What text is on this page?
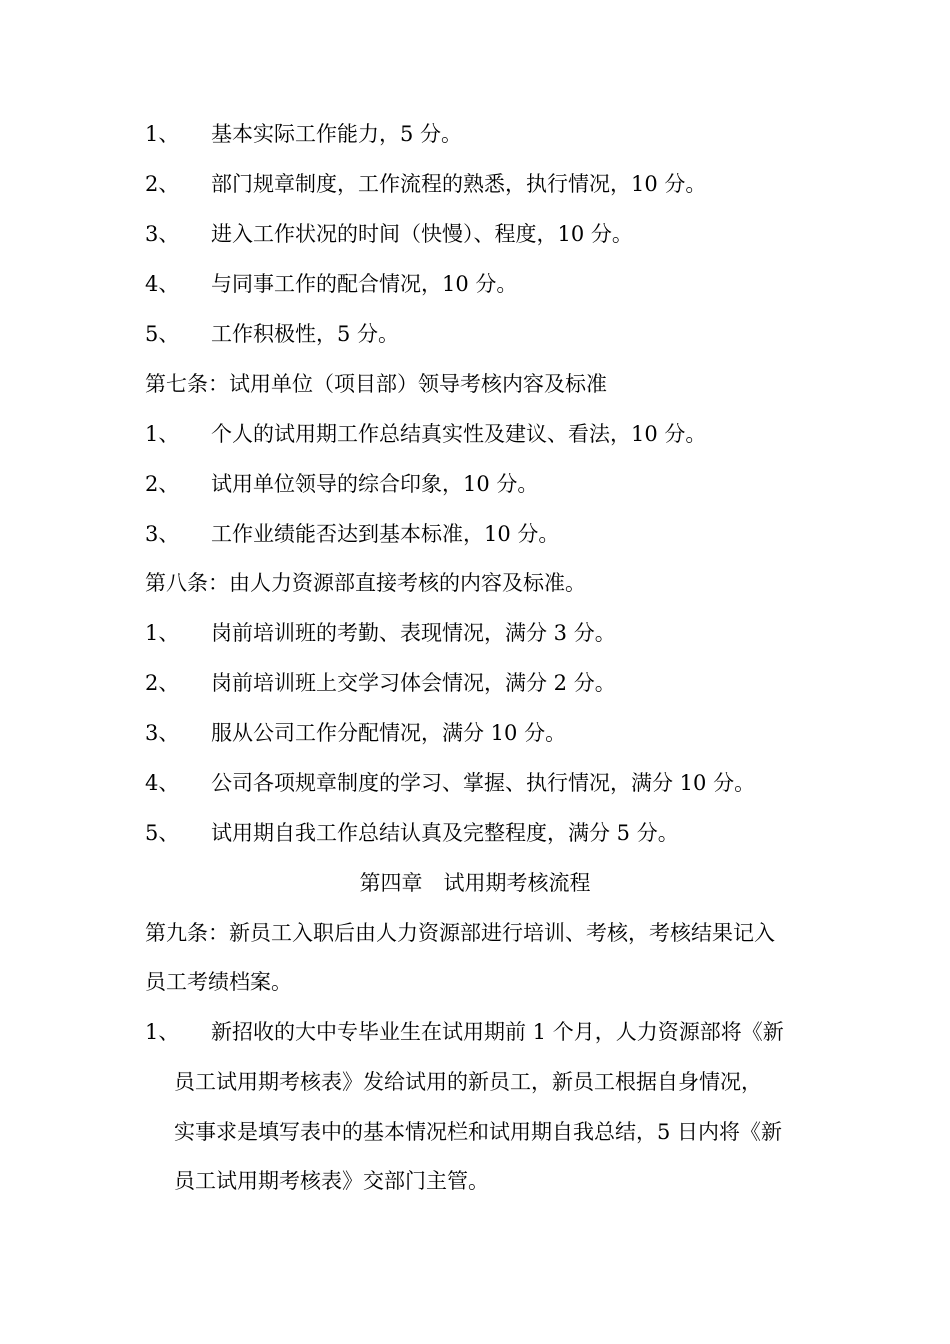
1、 基本实际工作能力，5 分。
2、 部门规章制度，工作流程的熟悉，执行情况，10 分。
3、 进入工作状况的时间（快慢）、程度，10 分。
4、 与同事工作的配合情况，10 分。
5、 工作积极性，5 分。
第七条：试用单位（项目部）领导考核内容及标准
1、 个人的试用期工作总结真实性及建议、看法，10 分。
2、 试用单位领导的综合印象，10 分。
3、 工作业绩能否达到基本标准，10 分。
第八条：由人力资源部直接考核的内容及标准。
1、 岗前培训班的考勤、表现情况，满分 3 分。
2、 岗前培训班上交学习体会情况，满分 2 分。
3、 服从公司工作分配情况，满分 10 分。
4、 公司各项规章制度的学习、掌握、执行情况，满分 10 分。
5、 试用期自我工作总结认真及完整程度，满分 5 分。
第四章　试用期考核流程
第九条：新员工入职后由人力资源部进行培训、考核，考核结果记入
员工考绩档案。
1、 新招收的大中专毕业生在试用期前 1 个月，人力资源部将《新
员工试用期考核表》发给试用的新员工，新员工根据自身情况，
实事求是填写表中的基本情况栏和试用期自我总结，5 日内将《新
员工试用期考核表》交部门主管。
